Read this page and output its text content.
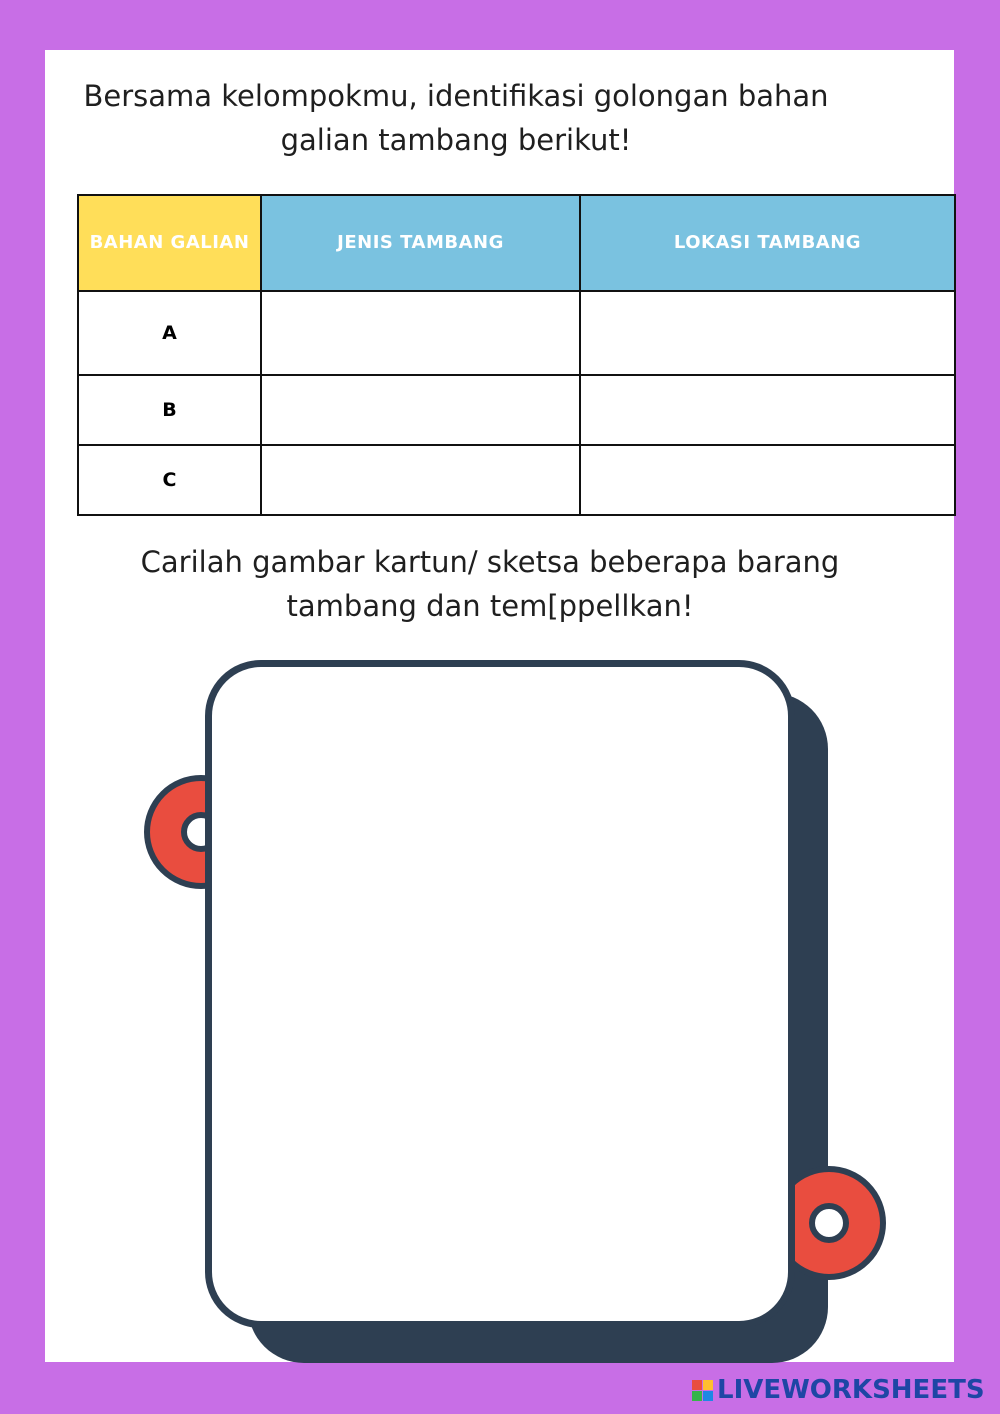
Bersama kelompokmu, identifikasi golongan bahan
galian tambang berikut!
BAHAN GALIAN	JENIS TAMBANG	LOKASI TAMBANG
A		
B		
C		
Carilah gambar kartun/ sketsa beberapa barang
tambang dan tem[ppellkan!
LIVEWORKSHEETS
